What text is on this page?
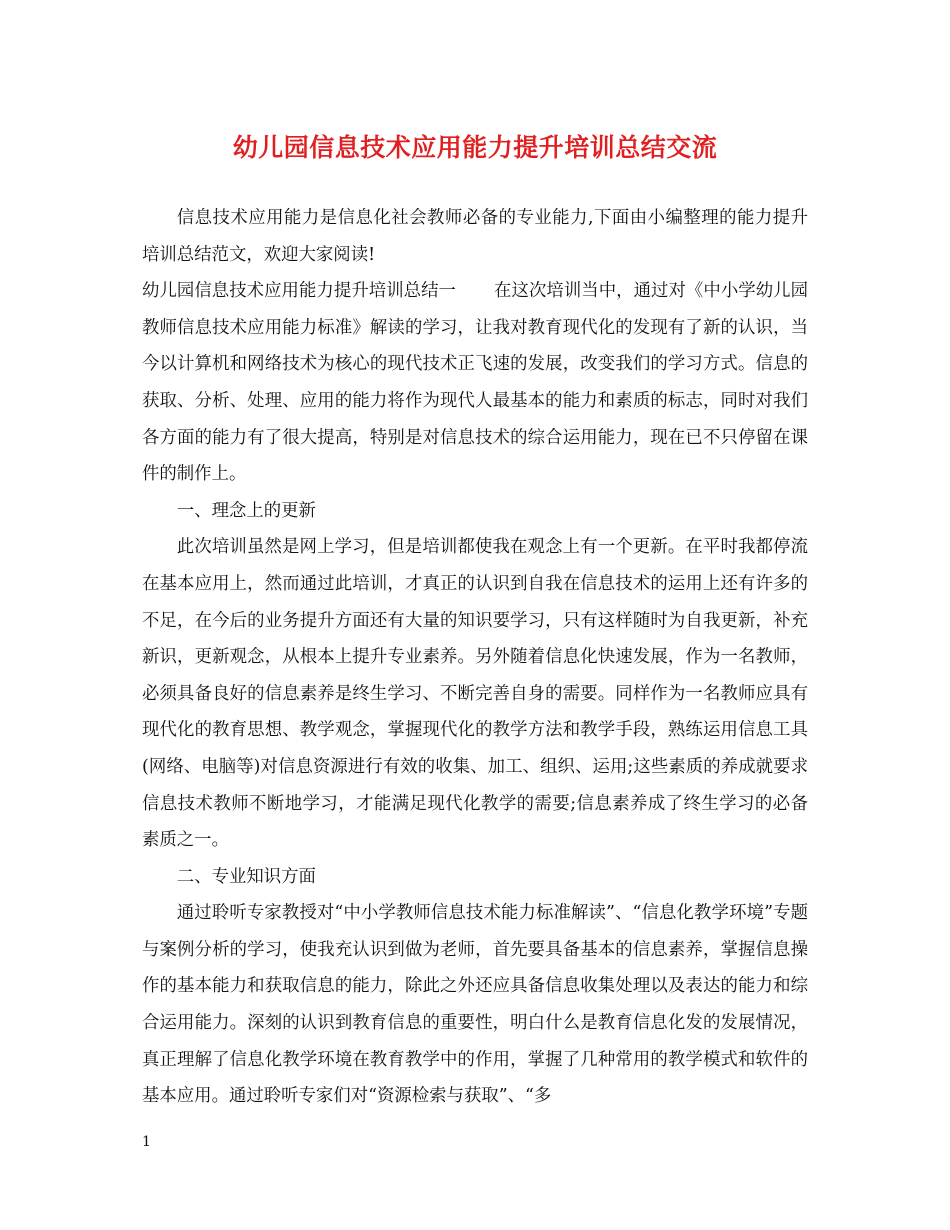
幼儿园信息技术应用能力提升培训总结交流

信息技术应用能力是信息化社会教师必备的专业能力,下面由小编整理的能力提升培训总结范文，欢迎大家阅读!

幼儿园信息技术应用能力提升培训总结一 在这次培训当中，通过对《中小学幼儿园教师信息技术应用能力标准》解读的学习，让我对教育现代化的发现有了新的认识，当今以计算机和网络技术为核心的现代技术正飞速的发展，改变我们的学习方式。信息的获取、分析、处理、应用的能力将作为现代人最基本的能力和素质的标志，同时对我们各方面的能力有了很大提高，特别是对信息技术的综合运用能力，现在已不只停留在课件的制作上。

一、理念上的更新

此次培训虽然是网上学习，但是培训都使我在观念上有一个更新。在平时我都停流在基本应用上，然而通过此培训，才真正的认识到自我在信息技术的运用上还有许多的不足，在今后的业务提升方面还有大量的知识要学习，只有这样随时为自我更新，补充新识，更新观念，从根本上提升专业素养。另外随着信息化快速发展，作为一名教师，必须具备良好的信息素养是终生学习、不断完善自身的需要。同样作为一名教师应具有现代化的教育思想、教学观念，掌握现代化的教学方法和教学手段，熟练运用信息工具(网络、电脑等)对信息资源进行有效的收集、加工、组织、运用;这些素质的养成就要求信息技术教师不断地学习，才能满足现代化教学的需要;信息素养成了终生学习的必备素质之一。

二、专业知识方面

通过聆听专家教授对“中小学教师信息技术能力标准解读”、“信息化教学环境”专题与案例分析的学习，使我充认识到做为老师，首先要具备基本的信息素养，掌握信息操作的基本能力和获取信息的能力，除此之外还应具备信息收集处理以及表达的能力和综合运用能力。深刻的认识到教育信息的重要性，明白什么是教育信息化发的发展情况，真正理解了信息化教学环境在教育教学中的作用，掌握了几种常用的教学模式和软件的基本应用。通过聆听专家们对“资源检索与获取”、“多

1
